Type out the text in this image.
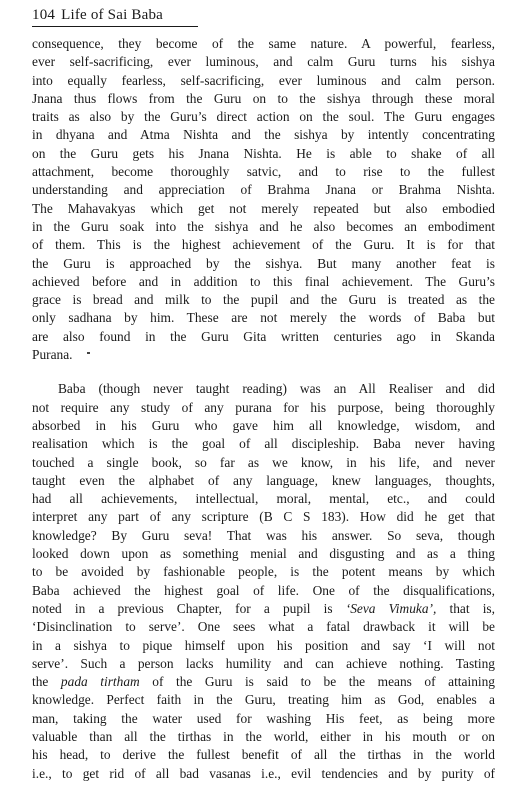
104 Life of Sai Baba

consequence, they become of the same nature. A powerful, fearless,
ever self-sacrificing, ever luminous, and calm Guru turns his sishya
into equally fearless, self-sacrificing, ever luminous and calm person.
Jnana thus flows from the Guru on to the sishya through these moral
traits as also by the Guru’s direct action on the soul. The Guru engages
in dhyana and Atma Nishta and the sishya by intently concentrating
on the Guru gets his Jnana Nishta. He is able to shake of all
attachment, become thoroughly satvic, and to rise to the fullest
understanding and appreciation of Brahma Jnana or Brahma Nishta.
The Mahavakyas which get not merely repeated but also embodied
in the Guru soak into the sishya and he also becomes an embodiment
of them. This is the highest achievement of the Guru. It is for that
the Guru is approached by the sishya. But many another feat is
achieved before and in addition to this final achievement. The Guru’s
grace is bread and milk to the pupil and the Guru is treated as the
only sadhana by him. These are not merely the words of Baba but
are also found in the Guru Gita written centuries ago in Skanda
Purana.

Baba (though never taught reading) was an All Realiser and did
not require any study of any purana for his purpose, being thoroughly
absorbed in his Guru who gave him all knowledge, wisdom, and
realisation which is the goal of all discipleship. Baba never having
touched a single book, so far as we know, in his life, and never
taught even the alphabet of any language, knew languages, thoughts,
had all achievements, intellectual, moral, mental, etc., and could
interpret any part of any scripture (B C S 183). How did he get that
knowledge? By Guru seva! That was his answer. So seva, though
looked down upon as something menial and disgusting and as a thing
to be avoided by fashionable people, is the potent means by which
Baba achieved the highest goal of life. One of the disqualifications,
noted in a previous Chapter, for a pupil is ‘Seva Vimuka’, that is,
‘Disinclination to serve’. One sees what a fatal drawback it will be
in a sishya to pique himself upon his position and say ‘I will not
serve’. Such a person lacks humility and can achieve nothing. Tasting
the pada tirtham of the Guru is said to be the means of attaining
knowledge. Perfect faith in the Guru, treating him as God, enables a
man, taking the water used for washing His feet, as being more
valuable than all the tirthas in the world, either in his mouth or on
his head, to derive the fullest benefit of all the tirthas in the world
i.e., to get rid of all bad vasanas i.e., evil tendencies and by purity of
